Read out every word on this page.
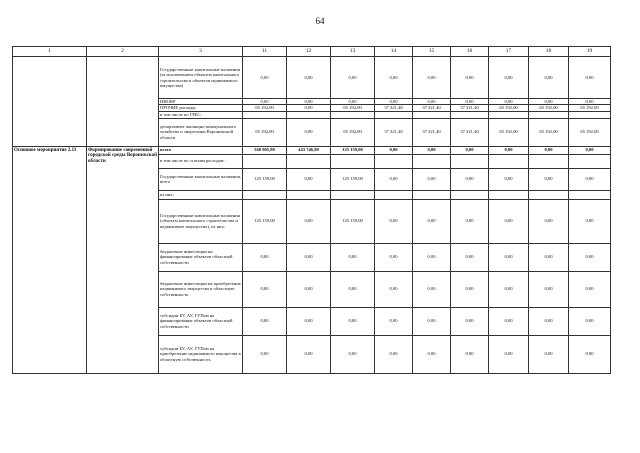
64
1	2	3	11	12	13	14	15	16	17	18	19
		Государственные капитальные вложения (за исключением объектов капитального строительства и объектов недвижимого имущества)	0,00	0,00	0,00	0,00	0,00	0,00	0,00	0,00	0,00
		НИОКР	0,00	0,00	0,00	0,00	0,00	0,00	0,00	0,00	0,00
		ПРОЧИЕ расходы	65 192,00	0,00	65 192,00	37 321,40	37 321,40	37 321,40	65 192,00	65 192,00	65 192,00
		в том числе по ГРБС:									
		департамент жилищно-коммунального хозяйства и энергетики Воронежской области	65 192,00	0,00	65 192,00	37 321,40	37 321,40	37 321,40	65 192,00	65 192,00	65 192,00
Основное мероприятие 2.11	Формирование современной городской среды Воронежской области	всего	568 905,80	443 746,80	125 159,00	0,00	0,00	0,00	0,00	0,00	0,00
		в том числе по статьям расходов:									
		Государственные капитальные вложения, всего	125 159,00	0,00	125 159,00	0,00	0,00	0,00	0,00	0,00	0,00
		из них:									
		Государственные капитальные вложения (объекты капитального строительства и недвижимое имущество), из них:	125 159,00	0,00	125 159,00	0,00	0,00	0,00	0,00	0,00	0,00
		бюджетные инвестиции на финансирование объектов областной собственности	0,00	0,00	0,00	0,00	0,00	0,00	0,00	0,00	0,00
		бюджетные инвестиции на приобретение недвижимого имущества в областную собственность	0,00	0,00	0,00	0,00	0,00	0,00	0,00	0,00	0,00
		субсидии БУ, АУ, ГУПам на финансирование объектов областной собственности	0,00	0,00	0,00	0,00	0,00	0,00	0,00	0,00	0,00
		субсидии БУ, АУ, ГУПам на приобретение недвижимого имущества в областную собственность	0,00	0,00	0,00	0,00	0,00	0,00	0,00	0,00	0,00
